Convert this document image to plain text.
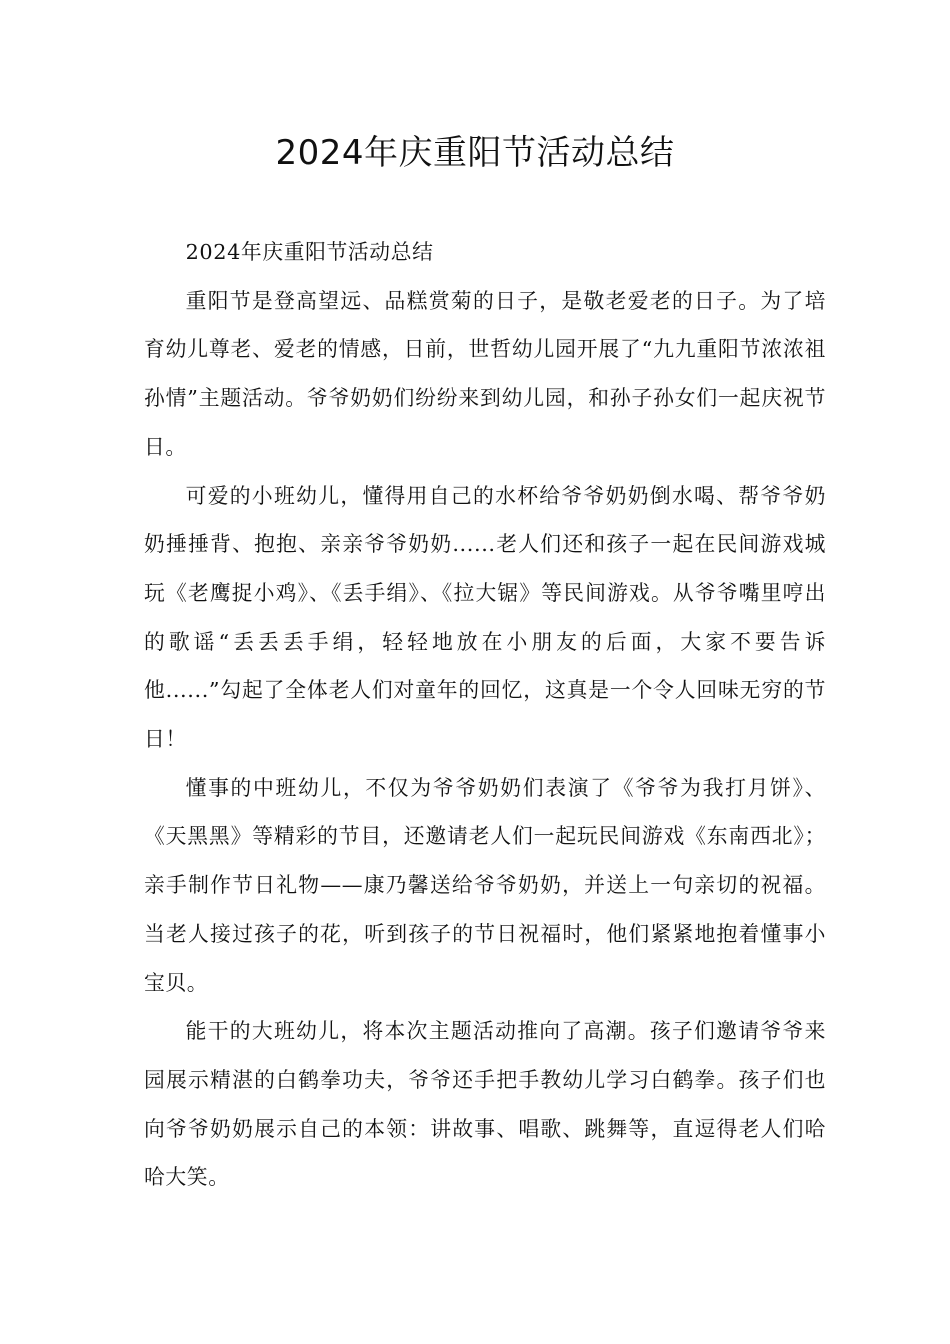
2024年庆重阳节活动总结

2024年庆重阳节活动总结

重阳节是登高望远、品糕赏菊的日子，是敬老爱老的日子。为了培育幼儿尊老、爱老的情感，日前，世哲幼儿园开展了“九九重阳节浓浓祖孙情”主题活动。爷爷奶奶们纷纷来到幼儿园，和孙子孙女们一起庆祝节日。

可爱的小班幼儿，懂得用自己的水杯给爷爷奶奶倒水喝、帮爷爷奶奶捶捶背、抱抱、亲亲爷爷奶奶......老人们还和孩子一起在民间游戏城玩《老鹰捉小鸡》、《丢手绢》、《拉大锯》等民间游戏。从爷爷嘴里哼出的歌谣“丢丢丢手绢，轻轻地放在小朋友的后面，大家不要告诉他......”勾起了全体老人们对童年的回忆，这真是一个令人回味无穷的节日！

懂事的中班幼儿，不仅为爷爷奶奶们表演了《爷爷为我打月饼》、《天黑黑》等精彩的节目，还邀请老人们一起玩民间游戏《东南西北》；亲手制作节日礼物——康乃馨送给爷爷奶奶，并送上一句亲切的祝福。当老人接过孩子的花，听到孩子的节日祝福时，他们紧紧地抱着懂事小宝贝。

能干的大班幼儿，将本次主题活动推向了高潮。孩子们邀请爷爷来园展示精湛的白鹤拳功夫，爷爷还手把手教幼儿学习白鹤拳。孩子们也向爷爷奶奶展示自己的本领：讲故事、唱歌、跳舞等，直逗得老人们哈哈大笑。
